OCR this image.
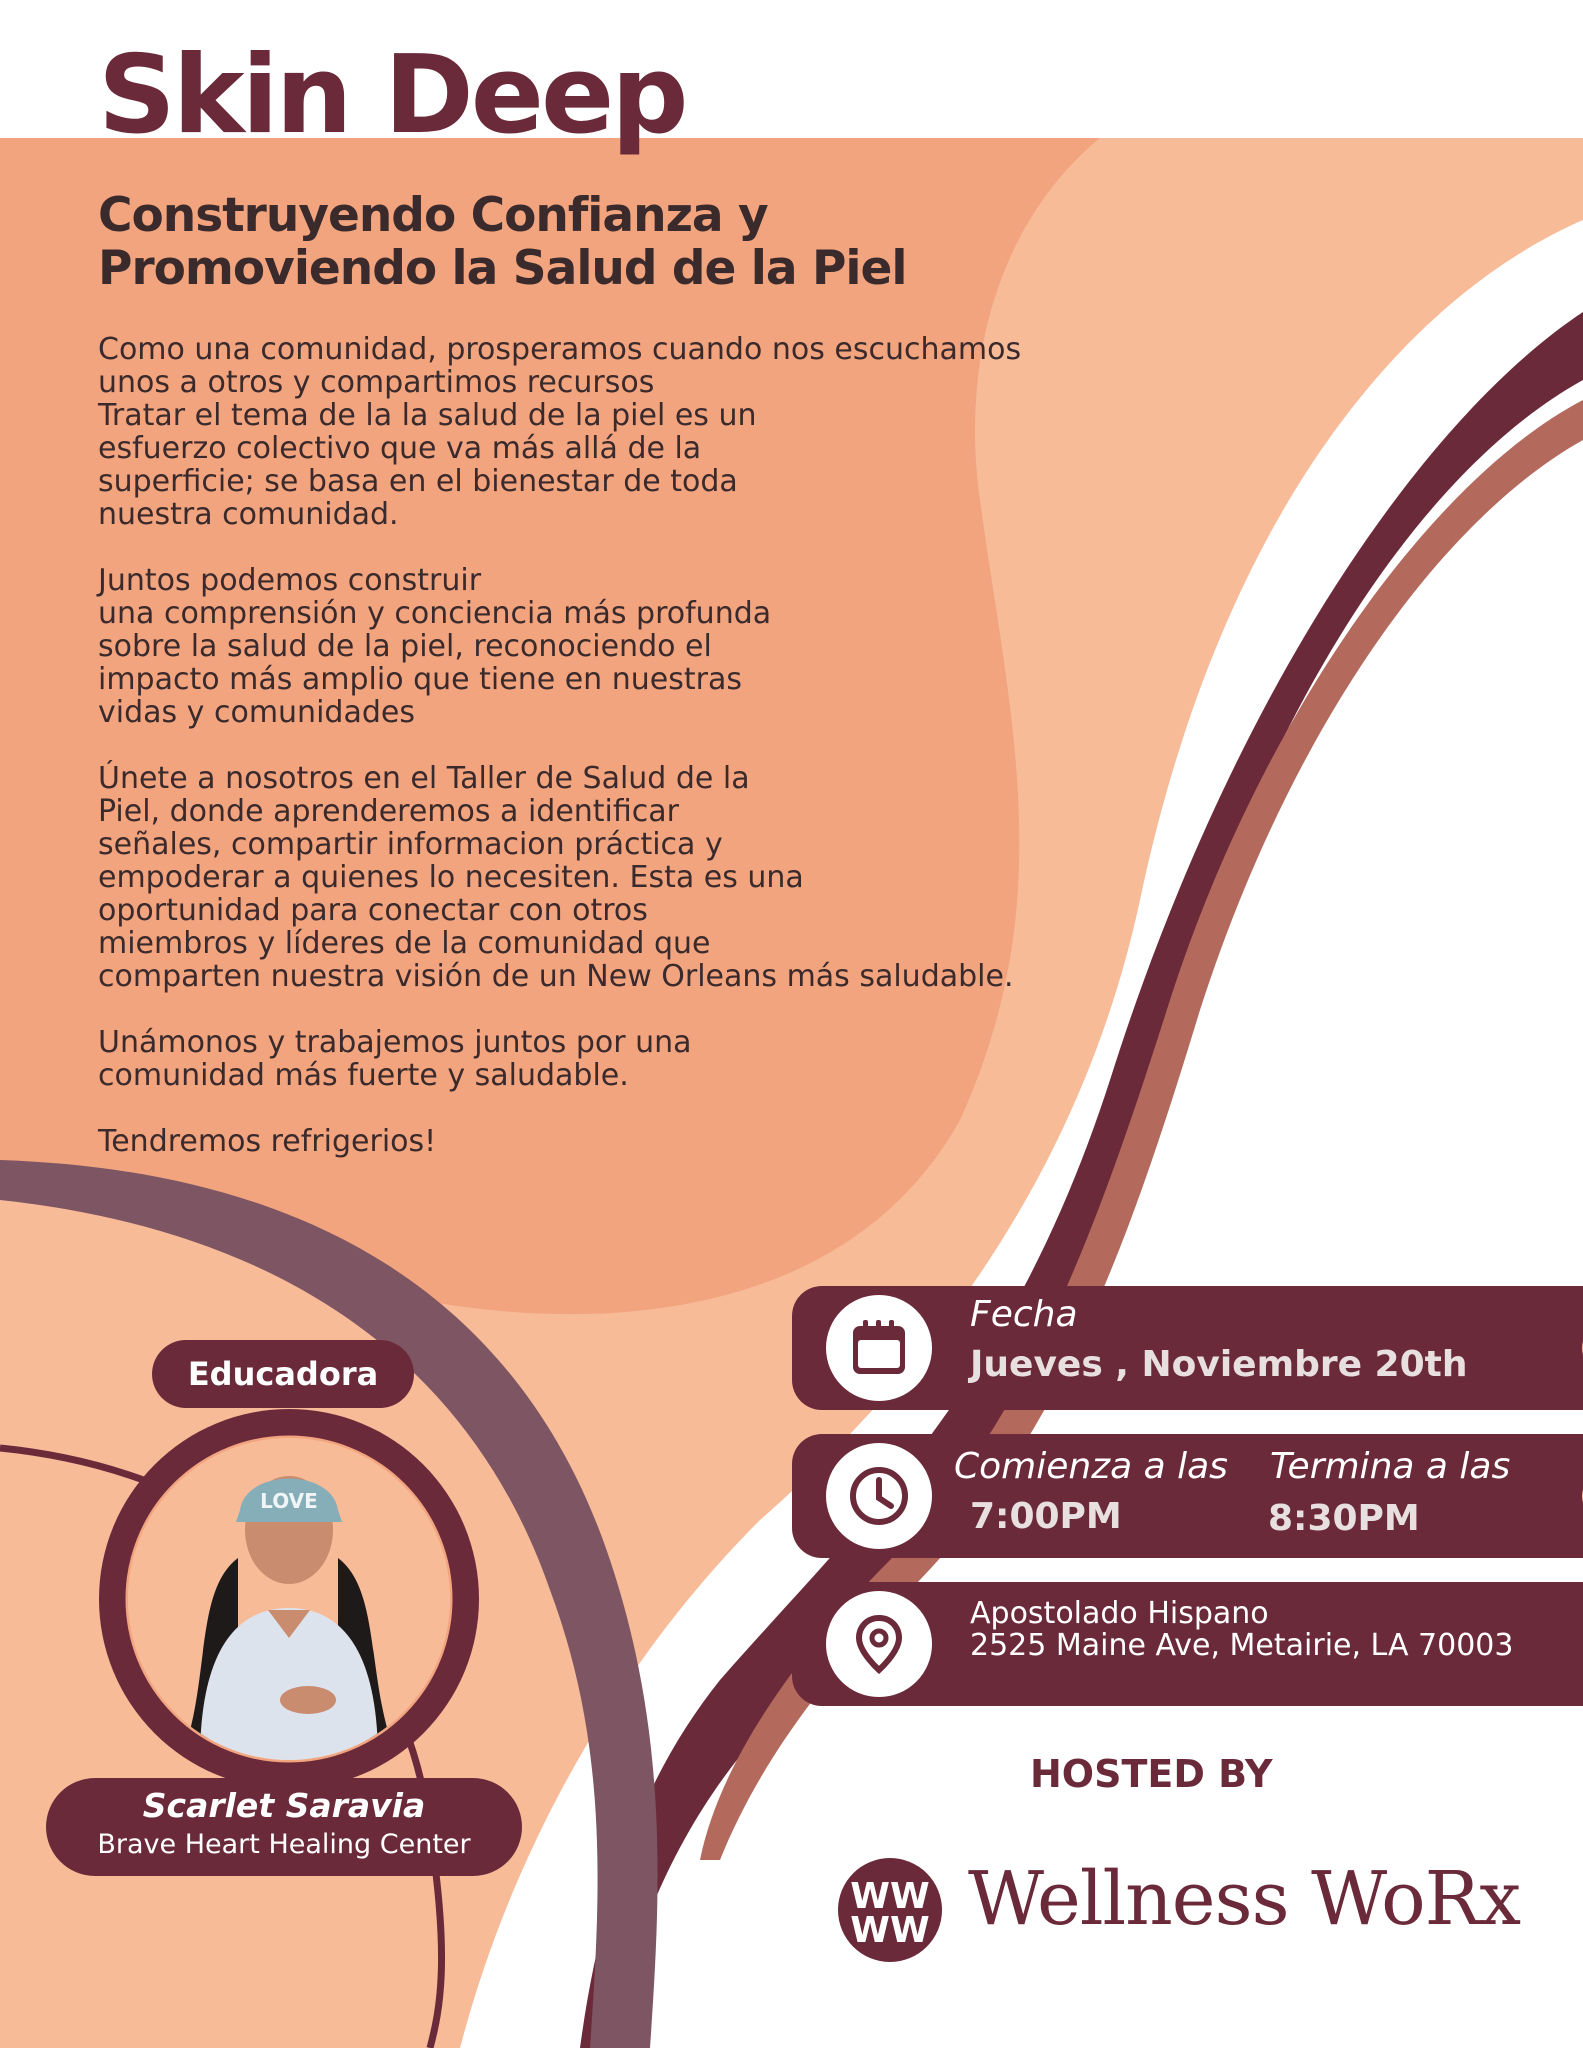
Skin Deep
Construyendo Confianza y
Promoviendo la Salud de la Piel

Como una comunidad, prosperamos cuando nos escuchamos
unos a otros y compartimos recursos
Tratar el tema de la la salud de la piel es un
esfuerzo colectivo que va más allá de la
superficie; se basa en el bienestar de toda
nuestra comunidad.

Juntos podemos construir
una comprensión y conciencia más profunda
sobre la salud de la piel, reconociendo el
impacto más amplio que tiene en nuestras
vidas y comunidades

Únete a nosotros en el Taller de Salud de la
Piel, donde aprenderemos a identificar
señales, compartir informacion práctica y
empoderar a quienes lo necesiten. Esta es una
oportunidad para conectar con otros
miembros y líderes de la comunidad que
comparten nuestra visión de un New Orleans más saludable.

Unámonos y trabajemos juntos por una
comunidad más fuerte y saludable.

Tendremos refrigerios!

Educadora
LOVE
Scarlet Saravia
Brave Heart Healing Center
Fecha
Jueves , Noviembre 20th
Comienza a las
7:00PM
Termina a las
8:30PM
Apostolado Hispano
2525 Maine Ave, Metairie, LA 70003
HOSTED BY
WW
WW Wellness WoRx
